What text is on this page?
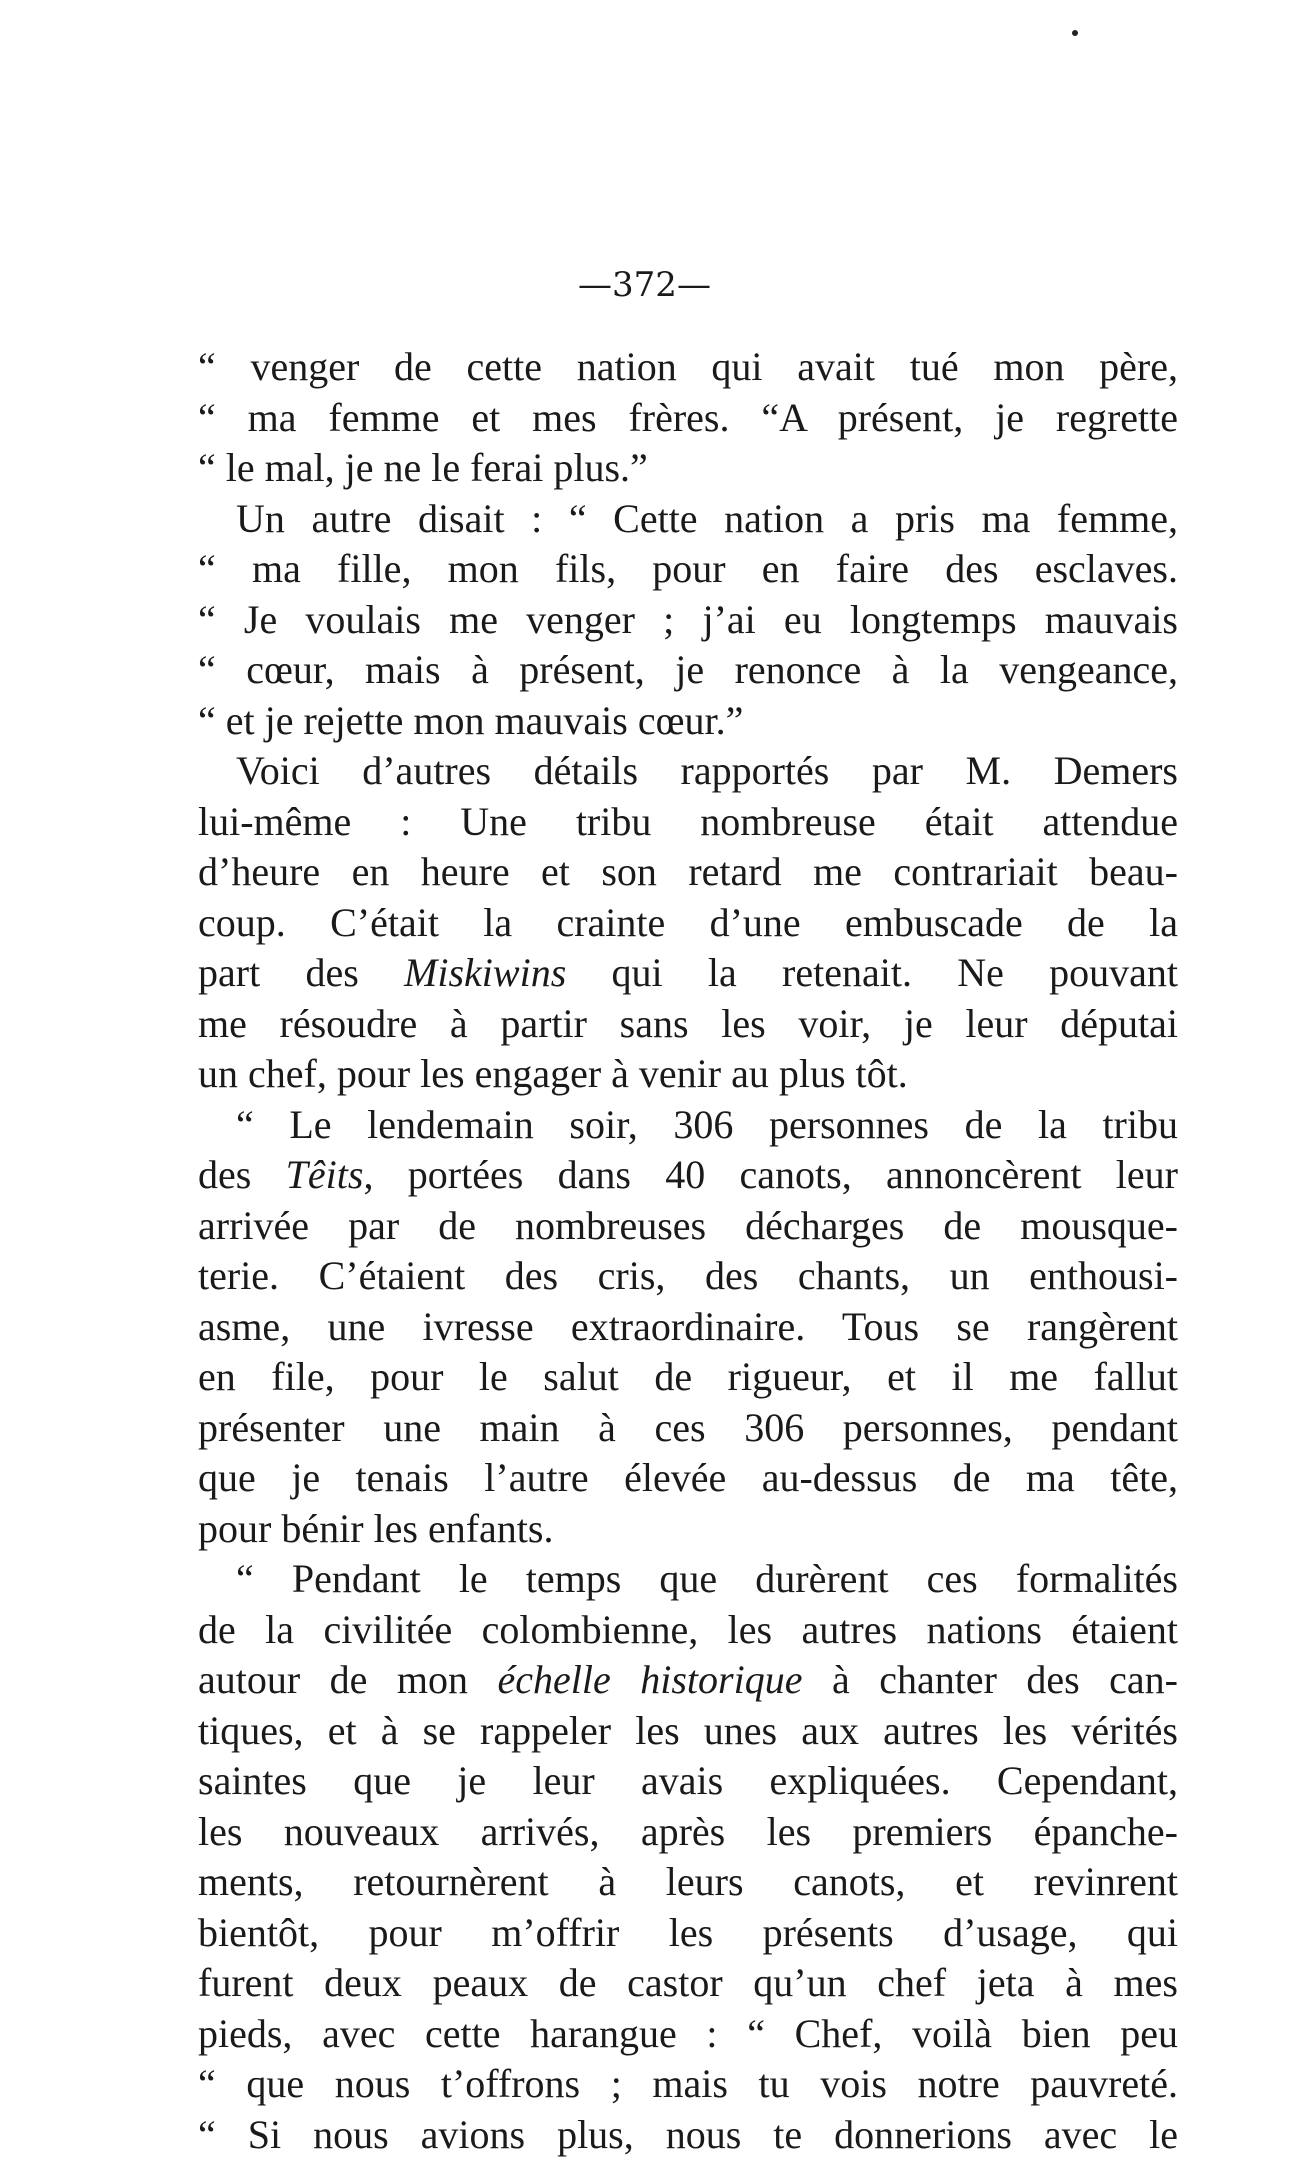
—372—
“ venger de cette nation qui avait tué mon père,
“ ma femme et mes frères. “A présent, je regrette
“ le mal, je ne le ferai plus.”
Un autre disait : “ Cette nation a pris ma femme,
“ ma fille, mon fils, pour en faire des esclaves.
“ Je voulais me venger ; j’ai eu longtemps mauvais
“ cœur, mais à présent, je renonce à la vengeance,
“ et je rejette mon mauvais cœur.”
Voici d’autres détails rapportés par M. Demers
lui-même : Une tribu nombreuse était attendue
d’heure en heure et son retard me contrariait beau-
coup. C’était la crainte d’une embuscade de la
part des Miskiwins qui la retenait. Ne pouvant
me résoudre à partir sans les voir, je leur députai
un chef, pour les engager à venir au plus tôt.
“ Le lendemain soir, 306 personnes de la tribu
des Têits, portées dans 40 canots, annoncèrent leur
arrivée par de nombreuses décharges de mousque-
terie. C’étaient des cris, des chants, un enthousi-
asme, une ivresse extraordinaire. Tous se rangèrent
en file, pour le salut de rigueur, et il me fallut
présenter une main à ces 306 personnes, pendant
que je tenais l’autre élevée au-dessus de ma tête,
pour bénir les enfants.
“ Pendant le temps que durèrent ces formalités
de la civilitée colombienne, les autres nations étaient
autour de mon échelle historique à chanter des can-
tiques, et à se rappeler les unes aux autres les vérités
saintes que je leur avais expliquées. Cependant,
les nouveaux arrivés, après les premiers épanche-
ments, retournèrent à leurs canots, et revinrent
bientôt, pour m’offrir les présents d’usage, qui
furent deux peaux de castor qu’un chef jeta à mes
pieds, avec cette harangue : “ Chef, voilà bien peu
“ que nous t’offrons ; mais tu vois notre pauvreté.
“ Si nous avions plus, nous te donnerions avec le
